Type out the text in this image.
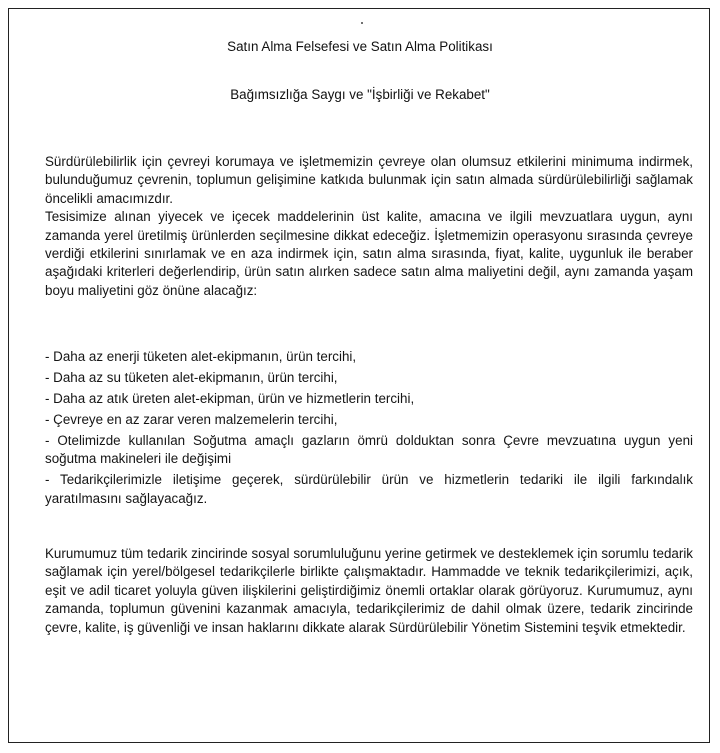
Satın Alma Felsefesi ve Satın Alma Politikası
Bağımsızlığa Saygı ve "İşbirliği ve Rekabet"

Sürdürülebilirlik için çevreyi korumaya ve işletmemizin çevreye olan olumsuz etkilerini minimuma indirmek, bulunduğumuz çevrenin, toplumun gelişimine katkıda bulunmak için satın almada sürdürülebilirliği sağlamak öncelikli amacımızdır.

Tesisimize alınan yiyecek ve içecek maddelerinin üst kalite, amacına ve ilgili mevzuatlara uygun, aynı zamanda yerel üretilmiş ürünlerden seçilmesine dikkat edeceğiz. İşletmemizin operasyonu sırasında çevreye verdiği etkilerini sınırlamak ve en aza indirmek için, satın alma sırasında, fiyat, kalite, uygunluk ile beraber aşağıdaki kriterleri değerlendirip, ürün satın alırken sadece satın alma maliyetini değil, aynı zamanda yaşam boyu maliyetini göz önüne alacağız:

- Daha az enerji tüketen alet-ekipmanın, ürün tercihi,

- Daha az su tüketen alet-ekipmanın, ürün tercihi,

- Daha az atık üreten alet-ekipman, ürün ve hizmetlerin tercihi,

- Çevreye en az zarar veren malzemelerin tercihi,

- Otelimizde kullanılan Soğutma amaçlı gazların ömrü dolduktan sonra Çevre mevzuatına uygun yeni soğutma makineleri ile değişimi

- Tedarikçilerimizle iletişime geçerek, sürdürülebilir ürün ve hizmetlerin tedariki ile ilgili farkındalık yaratılmasını sağlayacağız.

Kurumumuz tüm tedarik zincirinde sosyal sorumluluğunu yerine getirmek ve desteklemek için sorumlu tedarik sağlamak için yerel/bölgesel tedarikçilerle birlikte çalışmaktadır. Hammadde ve teknik tedarikçilerimizi, açık, eşit ve adil ticaret yoluyla güven ilişkilerini geliştirdiğimiz önemli ortaklar olarak görüyoruz. Kurumumuz, aynı zamanda, toplumun güvenini kazanmak amacıyla, tedarikçilerimiz de dahil olmak üzere, tedarik zincirinde çevre, kalite, iş güvenliği ve insan haklarını dikkate alarak Sürdürülebilir Yönetim Sistemini teşvik etmektedir.
